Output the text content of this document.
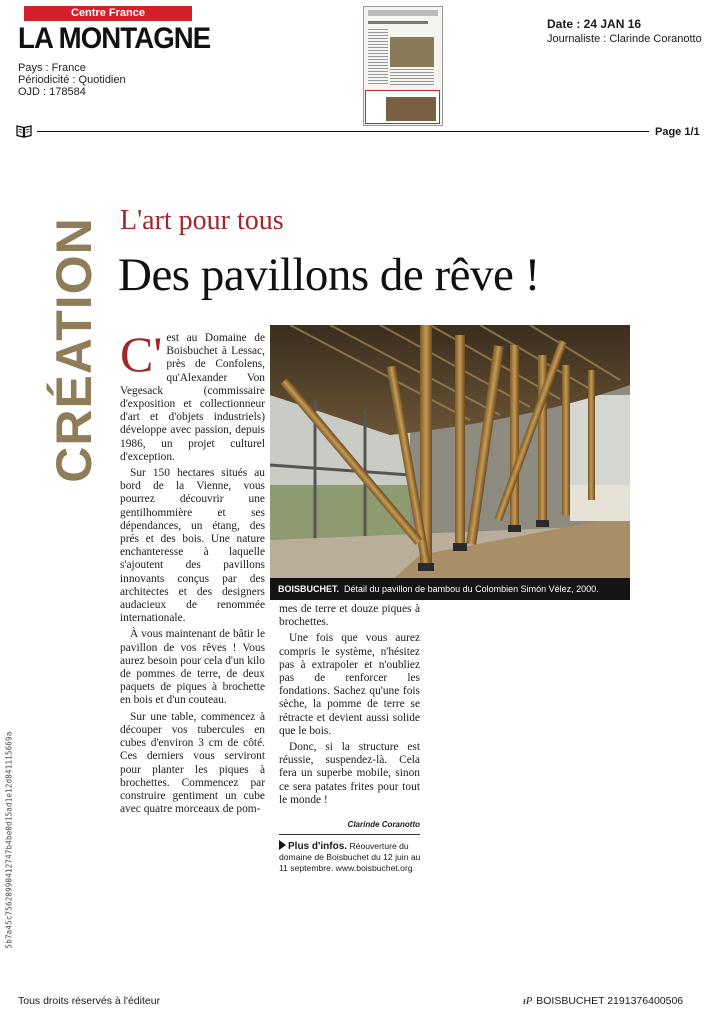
Centre France
LA MONTAGNE
Pays : France
Périodicité : Quotidien
OJD : 178584
Date : 24 JAN 16
Journaliste : Clarinde Coranotto
Page 1/1
CRÉATION L'art pour tous
Des pavillons de rêve !
C' est au Domaine de Boisbuchet à Lessac, près de Confolens, qu'Alexander Von Vegesack (commissaire d'exposition et collectionneur d'art et d'objets industriels) développe avec passion, depuis 1986, un projet culturel d'exception.

Sur 150 hectares situés au bord de la Vienne, vous pourrez découvrir une gentilhommière et ses dépendances, un étang, des prés et des bois. Une nature enchanteresse à laquelle s'ajoutent des pavillons innovants conçus par des architectes et des designers audacieux de renommée internationale.

À vous maintenant de bâtir le pavillon de vos rêves ! Vous aurez besoin pour cela d'un kilo de pommes de terre, de deux paquets de piques à brochette en bois et d'un couteau.

Sur une table, commencez à découper vos tubercules en cubes d'environ 3 cm de côté. Ces derniers vous serviront pour planter les piques à brochettes. Commencez par construire gentiment un cube avec quatre morceaux de pom-

BOISBUCHET. Détail du pavillon de bambou du Colombien Simón Vélez, 2000.

mes de terre et douze piques à brochettes.

Une fois que vous aurez compris le système, n'hésitez pas à extrapoler et n'oubliez pas de renforcer les fondations. Sachez qu'une fois sèche, la pomme de terre se rétracte et devient aussi solide que le bois.

Donc, si la structure est réussie, suspendez-là. Cela fera un superbe mobile, sinon ce sera patates frites pour tout le monde !

Clarinde Coranotto
Plus d'infos. Réouverture du domaine de Boisbuchet du 12 juin au 11 septembre. www.boisbuchet.org
5b7a45c75620990412747b4be0d15ad1e12d841115669a
Tous droits réservés à l'éditeur	ᵻP BOISBUCHET 2191376400506
